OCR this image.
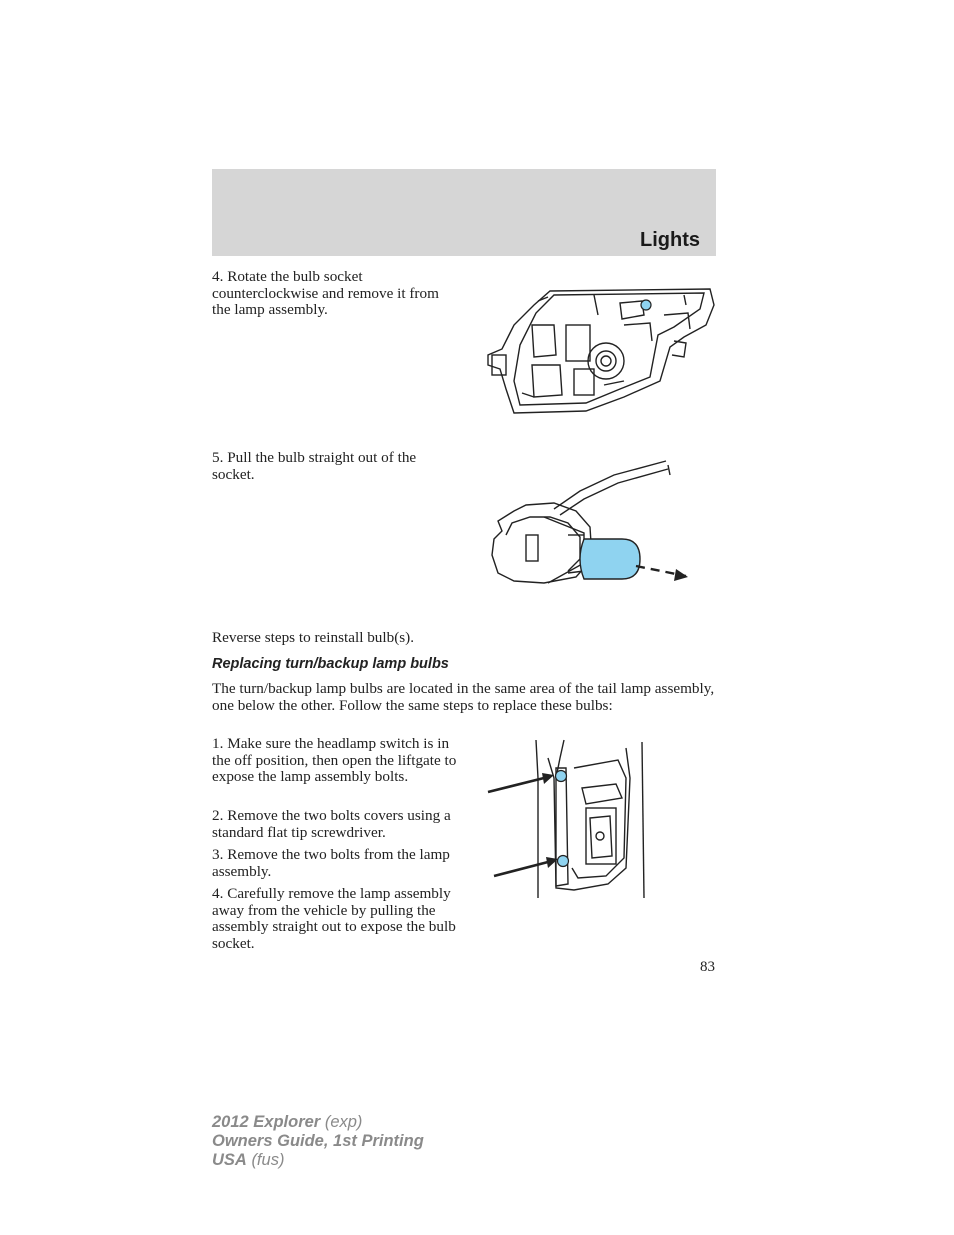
Lights

4. Rotate the bulb socket counterclockwise and remove it from the lamp assembly.

5. Pull the bulb straight out of the socket.

Reverse steps to reinstall bulb(s).

Replacing turn/backup lamp bulbs

The turn/backup lamp bulbs are located in the same area of the tail lamp assembly, one below the other. Follow the same steps to replace these bulbs:

1. Make sure the headlamp switch is in the off position, then open the liftgate to expose the lamp assembly bolts.

2. Remove the two bolts covers using a standard flat tip screwdriver.

3. Remove the two bolts from the lamp assembly.

4. Carefully remove the lamp assembly away from the vehicle by pulling the assembly straight out to expose the bulb socket.

83
2012 Explorer (exp)
Owners Guide, 1st Printing
USA (fus)
